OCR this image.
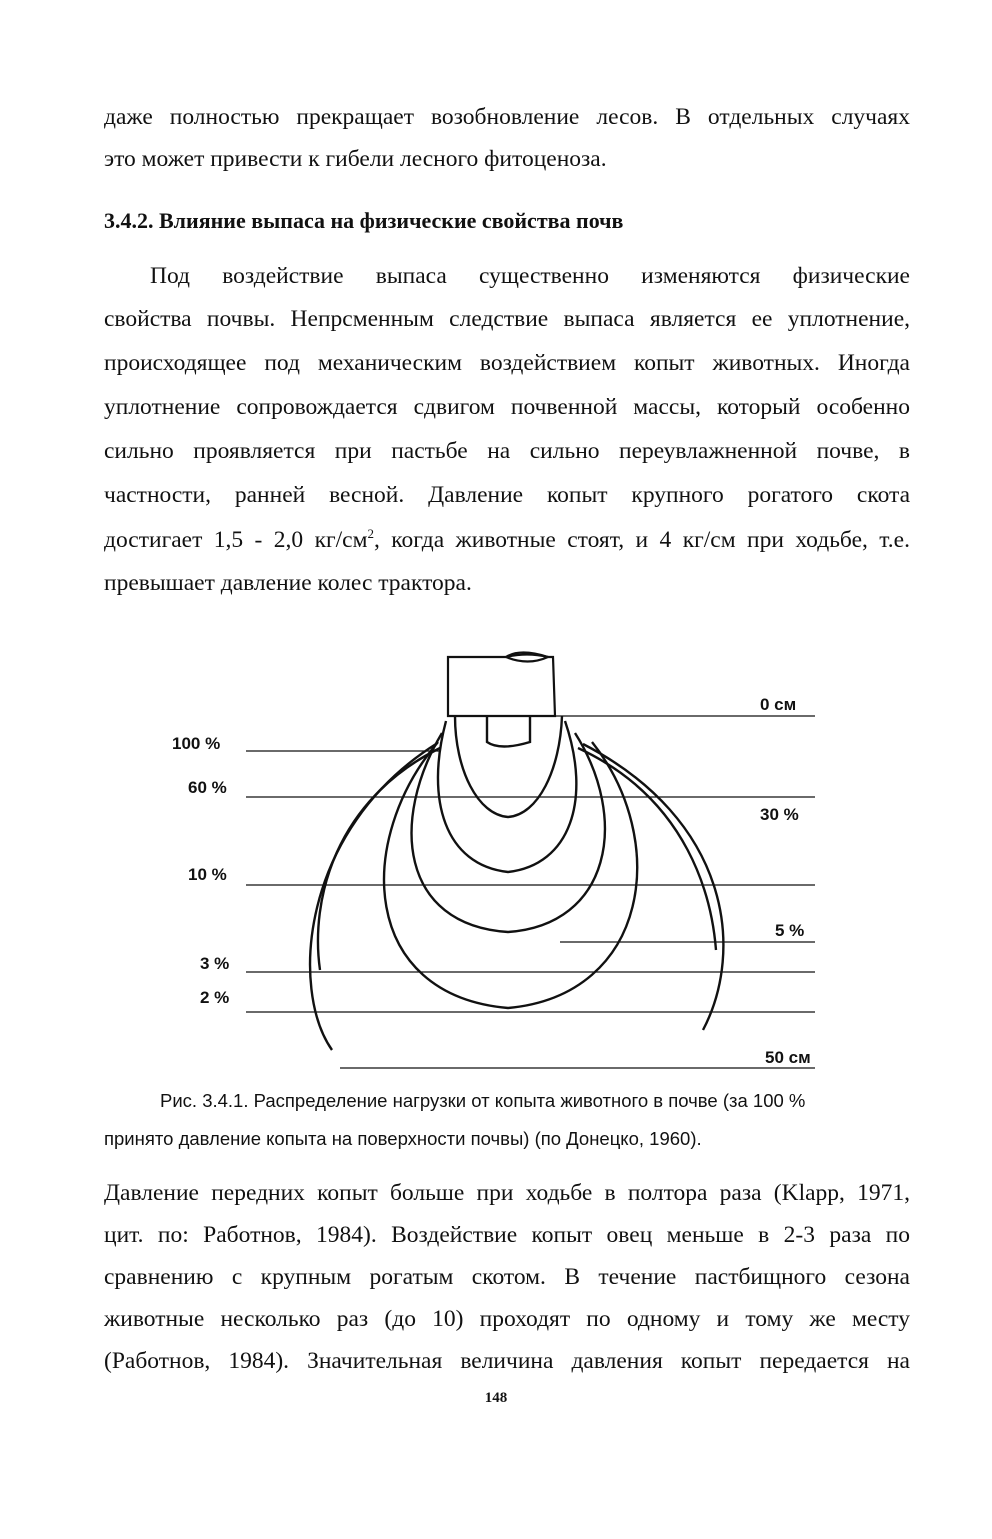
даже полностью прекращает возобновление лесов. В отдельных случаях
это может привести к гибели лесного фитоценоза.
3.4.2. Влияние выпаса на физические свойства почв
Под воздействие выпаса существенно изменяются физические
свойства почвы. Непрсменным следствие выпаса является ее уплотнение,
происходящее под механическим воздействием копыт животных. Иногда
уплотнение сопровождается сдвигом почвенной массы, который особенно
сильно проявляется при пастьбе на сильно переувлажненной почве, в
частности, ранней весной. Давление копыт крупного рогатого скота
достигает 1,5 - 2,0 $кг/см^2$, когда животные стоят, и 4 кг/см при ходьбе, т.е.
превышает давление колес трактора.
100 %
60 %
10 %
3 %
2 %
0 см
30 %
5 %
50 см
Рис. 3.4.1. Распределение нагрузки от копыта животного в почве (за 100 %
принято давление копыта на поверхности почвы) (по Донецко, 1960).
Давление передних копыт больше при ходьбе в полтора раза (Klapp, 1971,
цит. по: Работнов, 1984). Воздействие копыт овец меньше в 2-3 раза по
сравнению с крупным рогатым скотом. В течение пастбищного сезона
животные несколько раз (до 10) проходят по одному и тому же месту
(Работнов, 1984). Значительная величина давления копыт передается на
148
